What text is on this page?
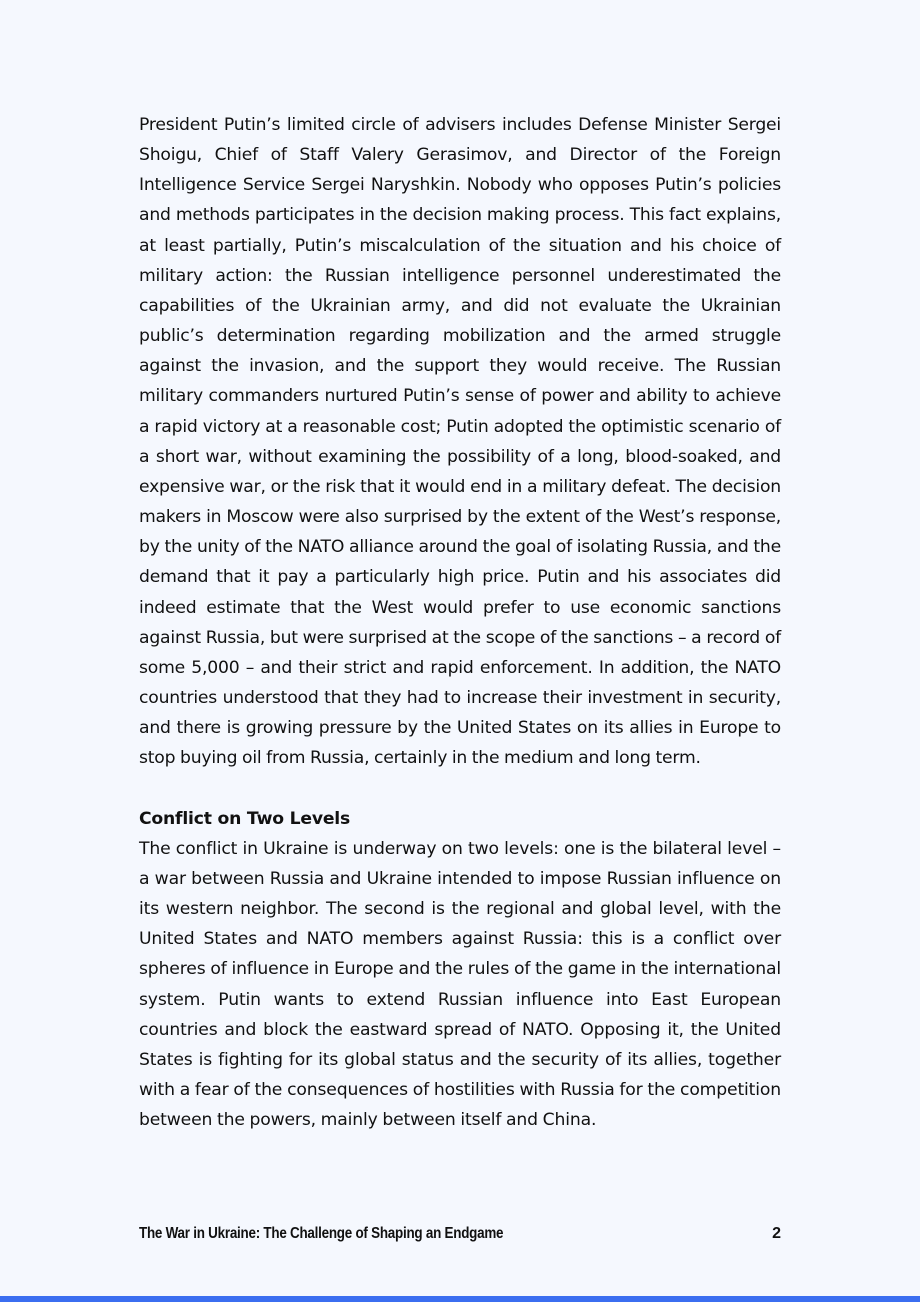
President Putin’s limited circle of advisers includes Defense Minister Sergei Shoigu, Chief of Staff Valery Gerasimov, and Director of the Foreign Intelligence Service Sergei Naryshkin. Nobody who opposes Putin’s policies and methods participates in the decision making process. This fact explains, at least partially, Putin’s miscalculation of the situation and his choice of military action: the Russian intelligence personnel underestimated the capabilities of the Ukrainian army, and did not evaluate the Ukrainian public’s determination regarding mobilization and the armed struggle against the invasion, and the support they would receive. The Russian military commanders nurtured Putin’s sense of power and ability to achieve a rapid victory at a reasonable cost; Putin adopted the optimistic scenario of a short war, without examining the possibility of a long, blood-soaked, and expensive war, or the risk that it would end in a military defeat. The decision makers in Moscow were also surprised by the extent of the West’s response, by the unity of the NATO alliance around the goal of isolating Russia, and the demand that it pay a particularly high price. Putin and his associates did indeed estimate that the West would prefer to use economic sanctions against Russia, but were surprised at the scope of the sanctions – a record of some 5,000 – and their strict and rapid enforcement. In addition, the NATO countries understood that they had to increase their investment in security, and there is growing pressure by the United States on its allies in Europe to stop buying oil from Russia, certainly in the medium and long term.

Conflict on Two Levels

The conflict in Ukraine is underway on two levels: one is the bilateral level – a war between Russia and Ukraine intended to impose Russian influence on its western neighbor. The second is the regional and global level, with the United States and NATO members against Russia: this is a conflict over spheres of influence in Europe and the rules of the game in the international system. Putin wants to extend Russian influence into East European countries and block the eastward spread of NATO. Opposing it, the United States is fighting for its global status and the security of its allies, together with a fear of the consequences of hostilities with Russia for the competition between the powers, mainly between itself and China.

The War in Ukraine: The Challenge of Shaping an Endgame	2
